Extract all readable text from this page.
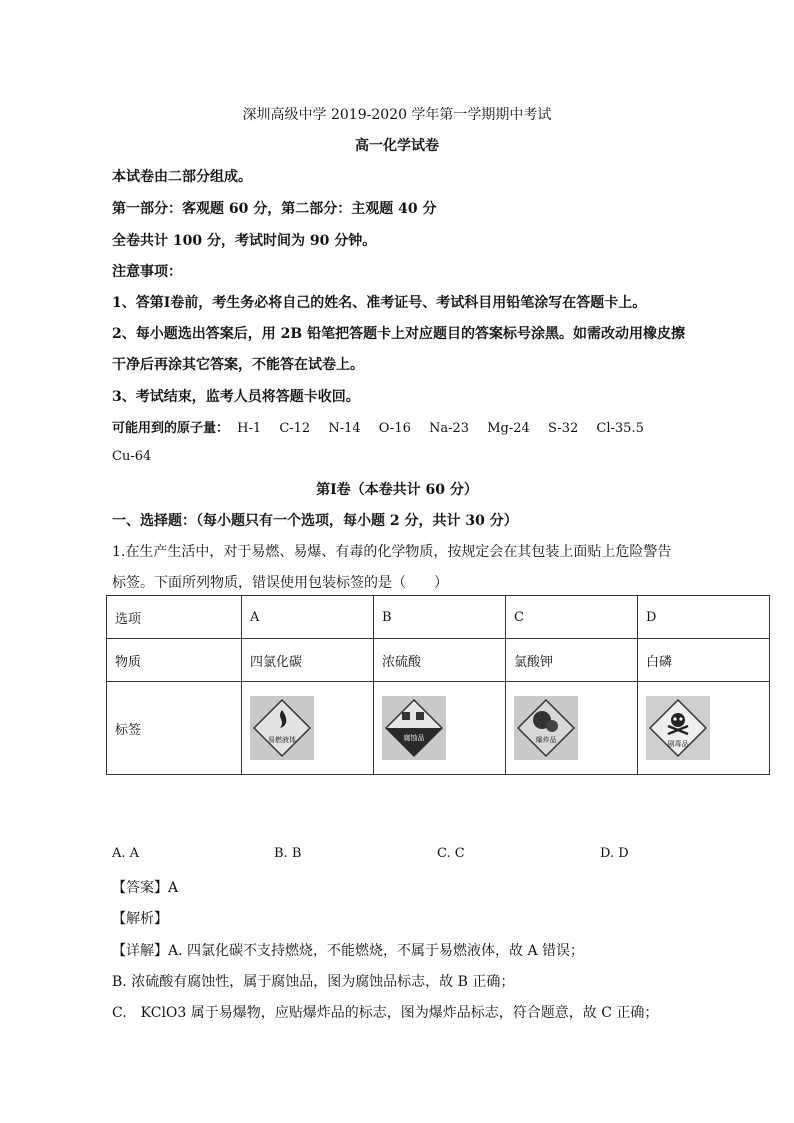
深圳高级中学 2019-2020 学年第一学期期中考试
高一化学试卷
本试卷由二部分组成。
第一部分：客观题 60 分，第二部分：主观题 40 分
全卷共计 100 分，考试时间为 90 分钟。
注意事项：
1、答第Ⅰ卷前，考生务必将自己的姓名、准考证号、考试科目用铅笔涂写在答题卡上。
2、每小题选出答案后，用 2B 铅笔把答题卡上对应题目的答案标号涂黑。如需改动用橡皮擦
干净后再涂其它答案，不能答在试卷上。
3、考试结束，监考人员将答题卡收回。
可能用到的原子量： H-1 C-12 N-14 O-16 Na-23 Mg-24 S-32 Cl-35.5
Cu-64
第Ⅰ卷（本卷共计 60 分）
一、选择题：（每小题只有一个选项，每小题 2 分，共计 30 分）
1.在生产生活中，对于易燃、易爆、有毒的化学物质，按规定会在其包装上面贴上危险警告
标签。下面所列物质，错误使用包装标签的是（　　）
选项	A	B	C	D
物质	四氯化碳	浓硫酸	氯酸钾	白磷
标签	易燃液体	腐蚀品	爆炸品	剧毒品
A. A	B. B	C. C	D. D
【答案】A
【解析】
【详解】A. 四氯化碳不支持燃烧，不能燃烧，不属于易燃液体，故 A 错误；
B. 浓硫酸有腐蚀性，属于腐蚀品，图为腐蚀品标志，故 B 正确；
C.　KClO3 属于易爆物，应贴爆炸品的标志，图为爆炸品标志，符合题意，故 C 正确；
